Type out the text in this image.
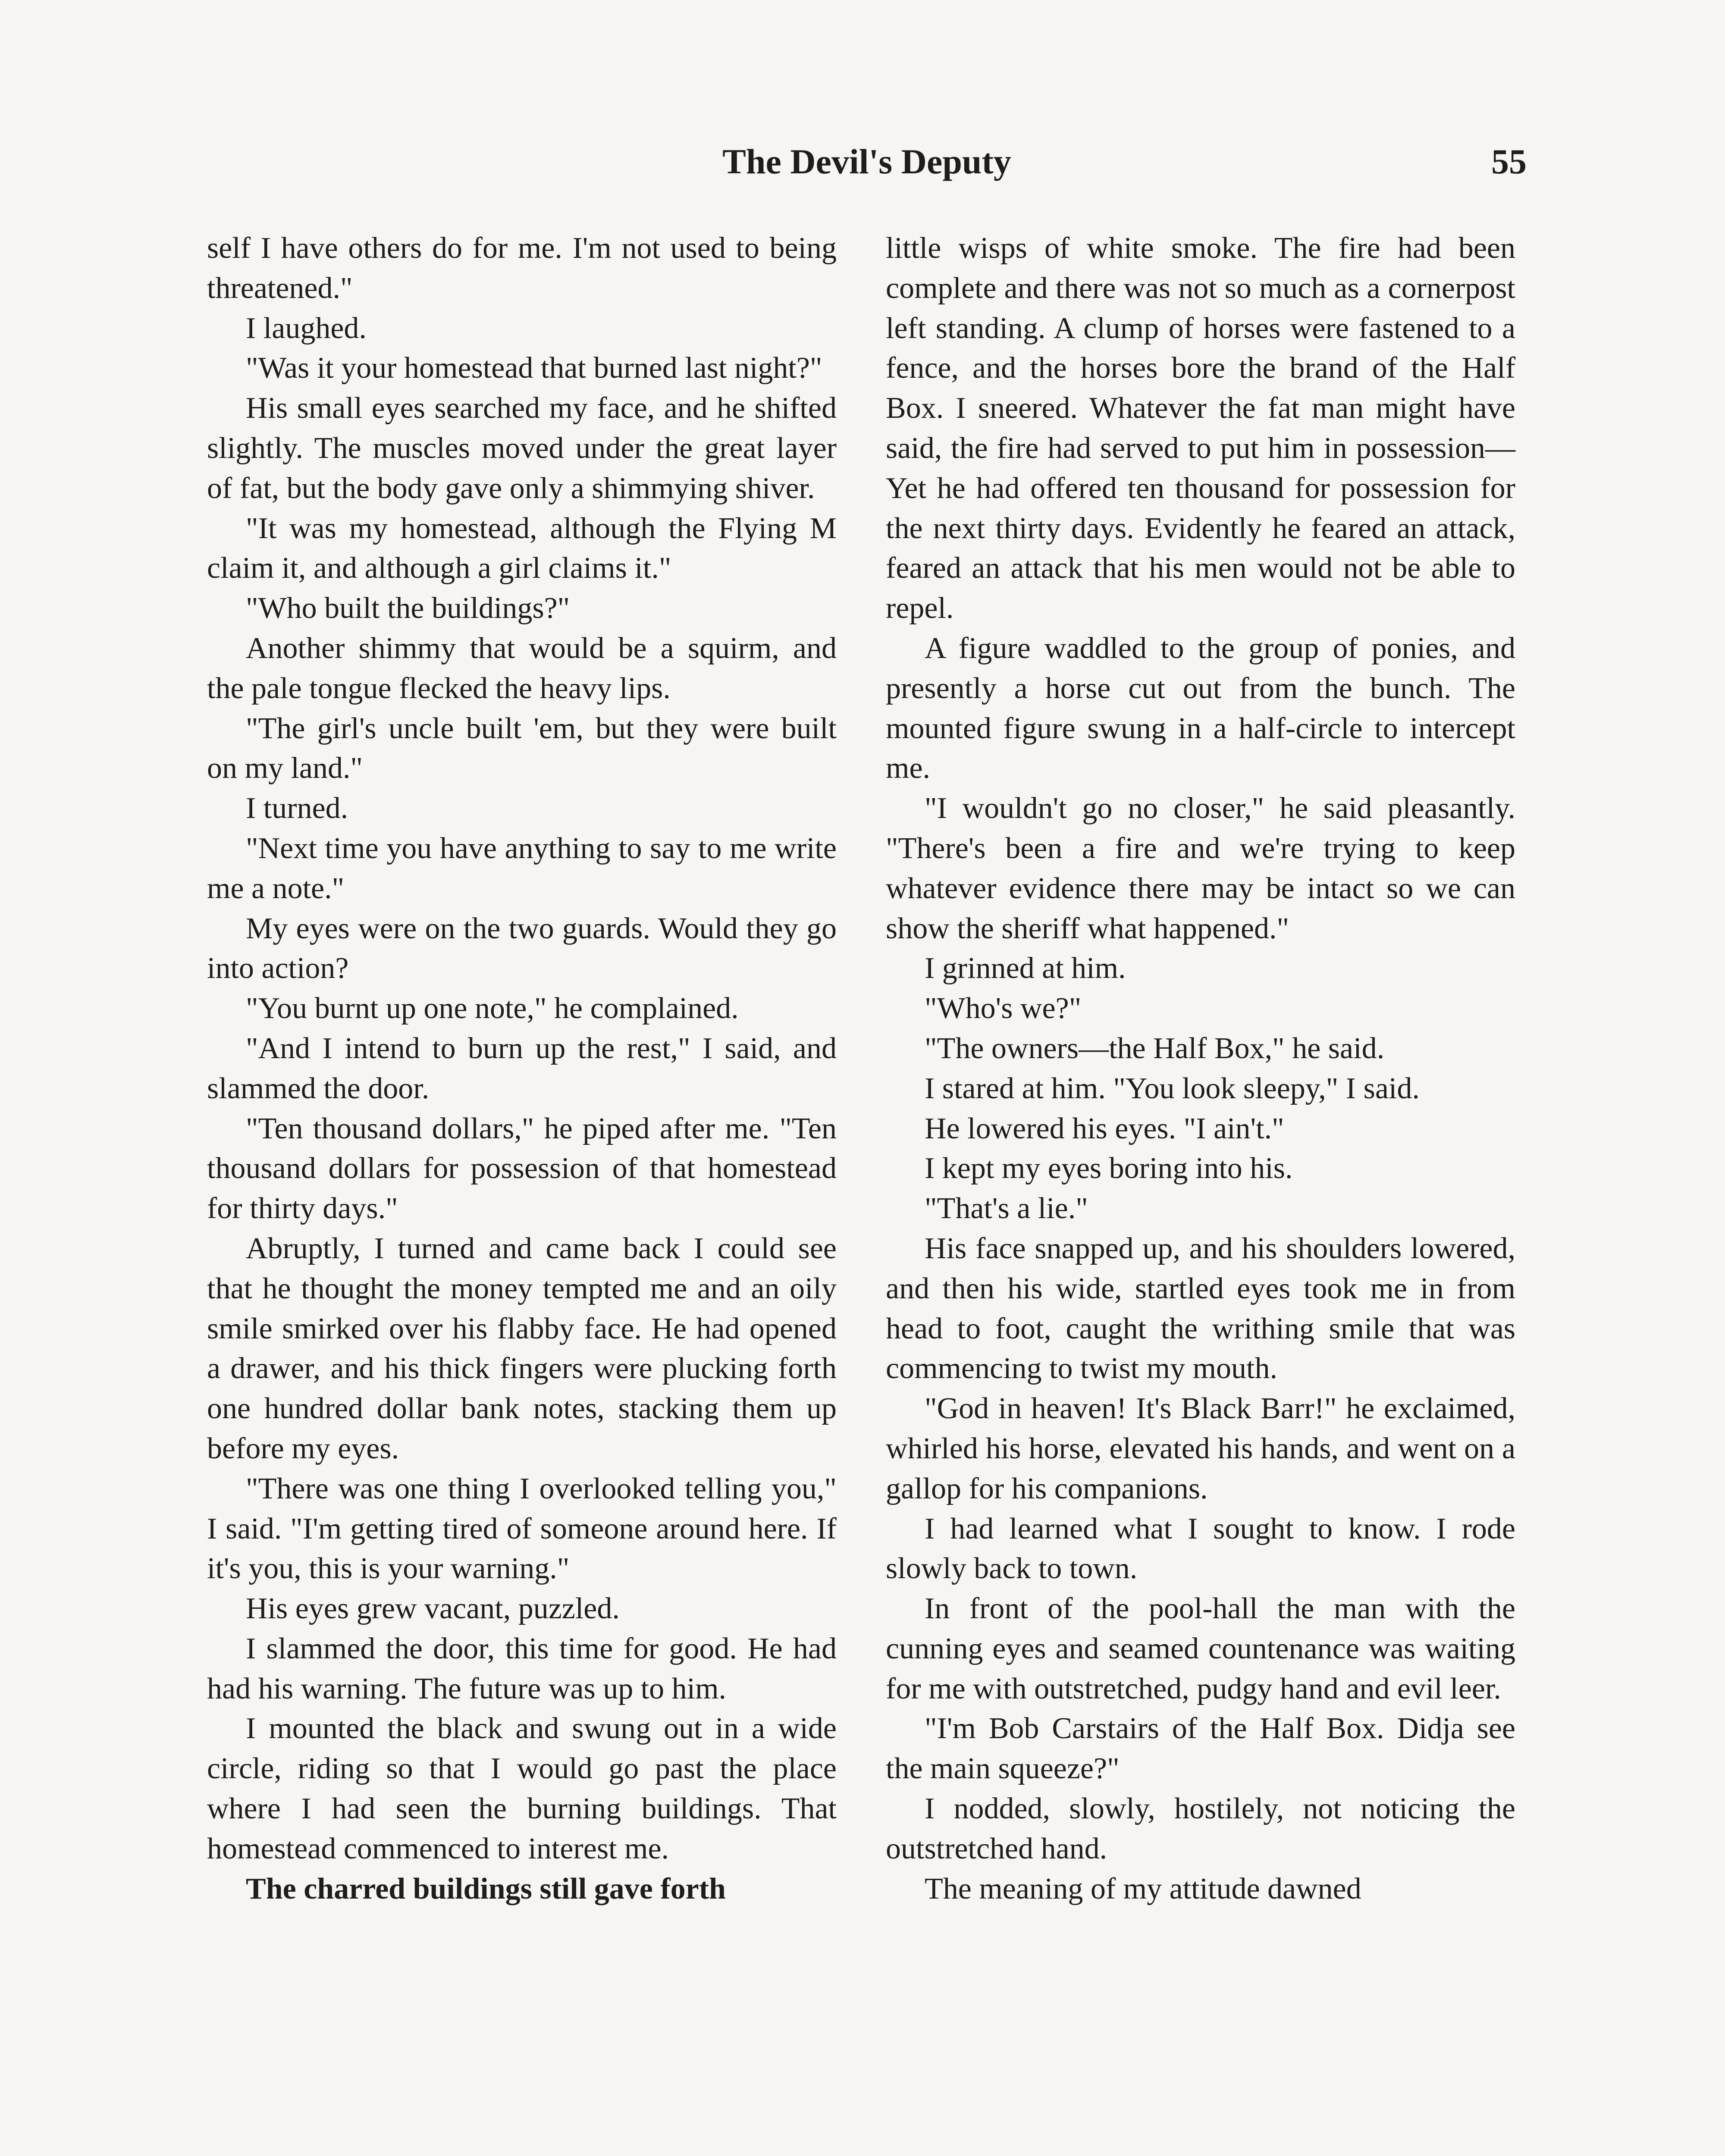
The Devil's Deputy	55

self I have others do for me. I'm not used to being threatened."

I laughed.

"Was it your homestead that burned last night?"

His small eyes searched my face, and he shifted slightly. The muscles moved under the great layer of fat, but the body gave only a shimmying shiver.

"It was my homestead, although the Flying M claim it, and although a girl claims it."

"Who built the buildings?"

Another shimmy that would be a squirm, and the pale tongue flecked the heavy lips.

"The girl's uncle built 'em, but they were built on my land."

I turned.

"Next time you have anything to say to me write me a note."

My eyes were on the two guards. Would they go into action?

"You burnt up one note," he complained.

"And I intend to burn up the rest," I said, and slammed the door.

"Ten thousand dollars," he piped after me. "Ten thousand dollars for possession of that homestead for thirty days."

Abruptly, I turned and came back I could see that he thought the money tempted me and an oily smile smirked over his flabby face. He had opened a drawer, and his thick fingers were plucking forth one hundred dollar bank notes, stacking them up before my eyes.

"There was one thing I overlooked telling you," I said. "I'm getting tired of someone around here. If it's you, this is your warning."

His eyes grew vacant, puzzled.

I slammed the door, this time for good. He had had his warning. The future was up to him.

I mounted the black and swung out in a wide circle, riding so that I would go past the place where I had seen the burning buildings. That homestead commenced to interest me.

The charred buildings still gave forth

little wisps of white smoke. The fire had been complete and there was not so much as a cornerpost left standing. A clump of horses were fastened to a fence, and the horses bore the brand of the Half Box. I sneered. Whatever the fat man might have said, the fire had served to put him in possession—Yet he had offered ten thousand for possession for the next thirty days. Evidently he feared an attack, feared an attack that his men would not be able to repel.

A figure waddled to the group of ponies, and presently a horse cut out from the bunch. The mounted figure swung in a half-circle to intercept me.

"I wouldn't go no closer," he said pleasantly. "There's been a fire and we're trying to keep whatever evidence there may be intact so we can show the sheriff what happened."

I grinned at him.

"Who's we?"

"The owners—the Half Box," he said.

I stared at him. "You look sleepy," I said.

He lowered his eyes. "I ain't."

I kept my eyes boring into his.

"That's a lie."

His face snapped up, and his shoulders lowered, and then his wide, startled eyes took me in from head to foot, caught the writhing smile that was commencing to twist my mouth.

"God in heaven! It's Black Barr!" he exclaimed, whirled his horse, elevated his hands, and went on a gallop for his companions.

I had learned what I sought to know. I rode slowly back to town.

In front of the pool-hall the man with the cunning eyes and seamed countenance was waiting for me with outstretched, pudgy hand and evil leer.

"I'm Bob Carstairs of the Half Box. Didja see the main squeeze?"

I nodded, slowly, hostilely, not noticing the outstretched hand.

The meaning of my attitude dawned
